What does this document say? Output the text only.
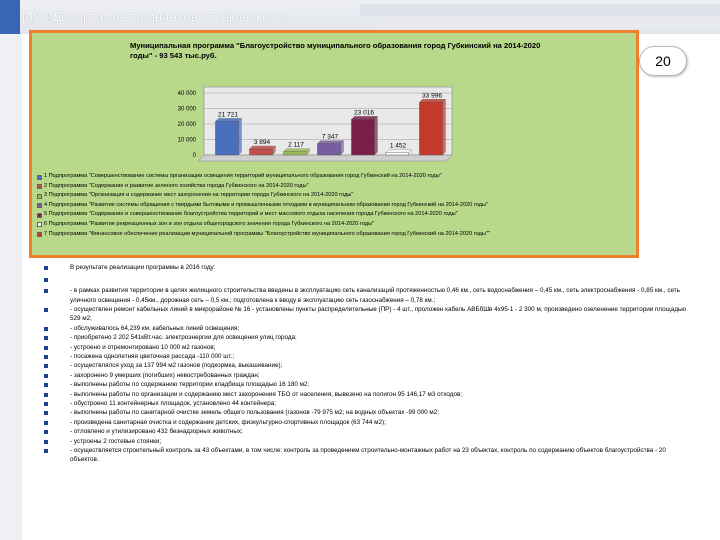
МУ «Департамент финансов г.Губкинского»
Муниципальная программа "Благоустройство муниципального образования город Губкинский на 2014-2020 годы" - 93 543 тыс.руб.
0
10 000
20 000
30 000
40 000
21 721
3 894	2 117
7 347
23 016
1 452
33 996
1 Подпрограмма "Совершенствование системы организации освещения территорий муниципального образования город Губкинский на 2014-2020 годы"
2 Подпрограмма "Содержание и развитие зеленого хозяйства города Губкинского на 2014-2020 годы"
3 Подпрограмма "Организация и содержание мест захоронения на территории города Губкинского на 2014-2020 годы"
4 Подпрограмма "Развитие системы обращения с твердыми бытовыми и промышленными отходами в муниципальном образовании город Губкинский на 2014-2020 годы"
5 Подпрограмма "Содержание и совершенствование благоустройства территорий и мест массового отдыха населения города Губкинского на 2014-2020 годы"
6 Подпрограмма "Развитие рекреационных зон и зон отдыха общегородского значения города Губкинского на 2014-2020 годы"
7 Подпрограмма "Финансовое обеспечение реализации муниципальной программы "Благоустройство муниципального образования город Губкинский на 2014-2020 годы""
20
В результате реализации программы в 2016 году:
- в рамках развития территории в целях жилищного строительства введены в эксплуатацию сеть канализаций протяженностью 0,46 км., сеть водоснабжения – 0,45 км., сеть электроснабжения - 0,85 км., сеть уличного освещения - 0,45км., дорожная сеть – 0,5 км.; подготовлена к вводу в эксплуатацию сеть газоснабжения – 0,78 км.;
- осуществлен ремонт кабельных линий в микрорайоне № 16 - установлены пункты распределительные (ПР) - 4 шт., проложен кабель АВБбШв 4х95-1 - 2 300 м, произведено озеленение территории площадью 529 м2;
- обслуживалось 64,239 км. кабельных линий освещения;
- приобретено 2 202 541кВт.час. электроэнергии для освещения улиц города;
- устроено и отремонтировано 10 000 м2 газонов;
- посажена однолетняя цветочная рассада -110 000 шт.;
- осуществлялся уход за 137 994 м2 газонов (подкормка, выкашивание);
- захоронено 9 умерших (погибших) невостребованных граждан;
- выполнены работы по содержанию территории кладбища площадью 16 180 м2;
- выполнены работы по организации и содержанию мест захоронения ТБО от населения, вывезено на полигон 95 146,17 м3 отходов;
- обустроено 11 контейнерных площадок, установлено 44 контейнера;
- выполнены работы по санитарной очистке земель общего пользования (газонов -79 975 м2; на водных объектах -99 000 м2;
- произведена санитарная очистка и содержание детских, физкультурно-спортивных площадок (63 744 м2);
- отловлено и утилизировано 432 безнадзорных животных;
- устроены 2 гостевые стоянки;
- осуществляется строительный контроль за 43 объектами, в том числе: контроль за проведением строительно-монтажных работ на 23 объектах, контроль по содержанию объектов благоустройства - 20 объектов.
